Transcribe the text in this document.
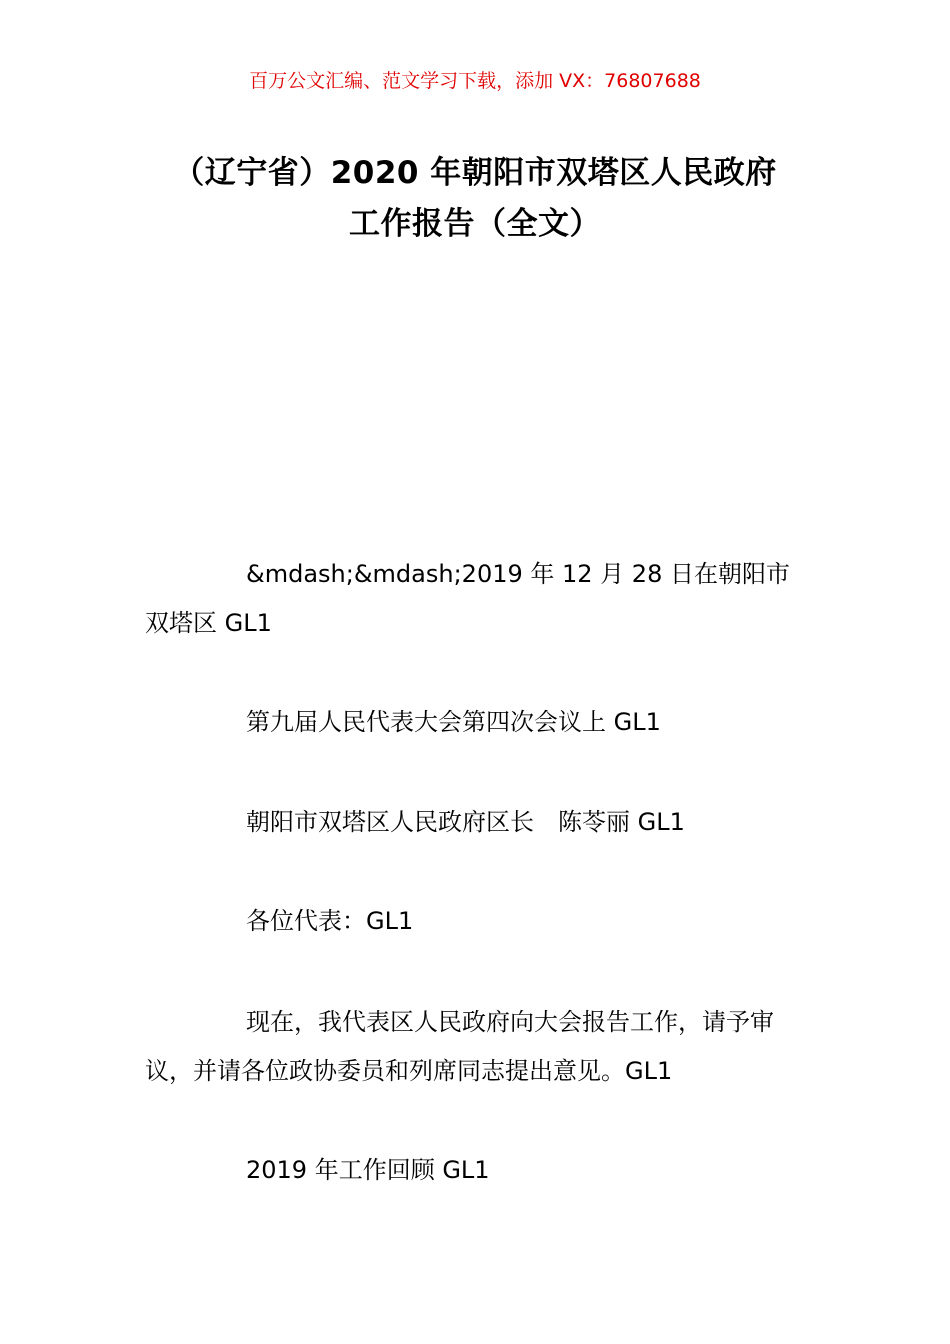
百万公文汇编、范文学习下载，添加 VX：76807688
（辽宁省）2020 年朝阳市双塔区人民政府
工作报告（全文）

&mdash;&mdash;2019 年 12 月 28 日在朝阳市双塔区 GL1

第九届人民代表大会第四次会议上 GL1

朝阳市双塔区人民政府区长　陈苓丽 GL1

各位代表：GL1

现在，我代表区人民政府向大会报告工作，请予审议，并请各位政协委员和列席同志提出意见。GL1

2019 年工作回顾 GL1
